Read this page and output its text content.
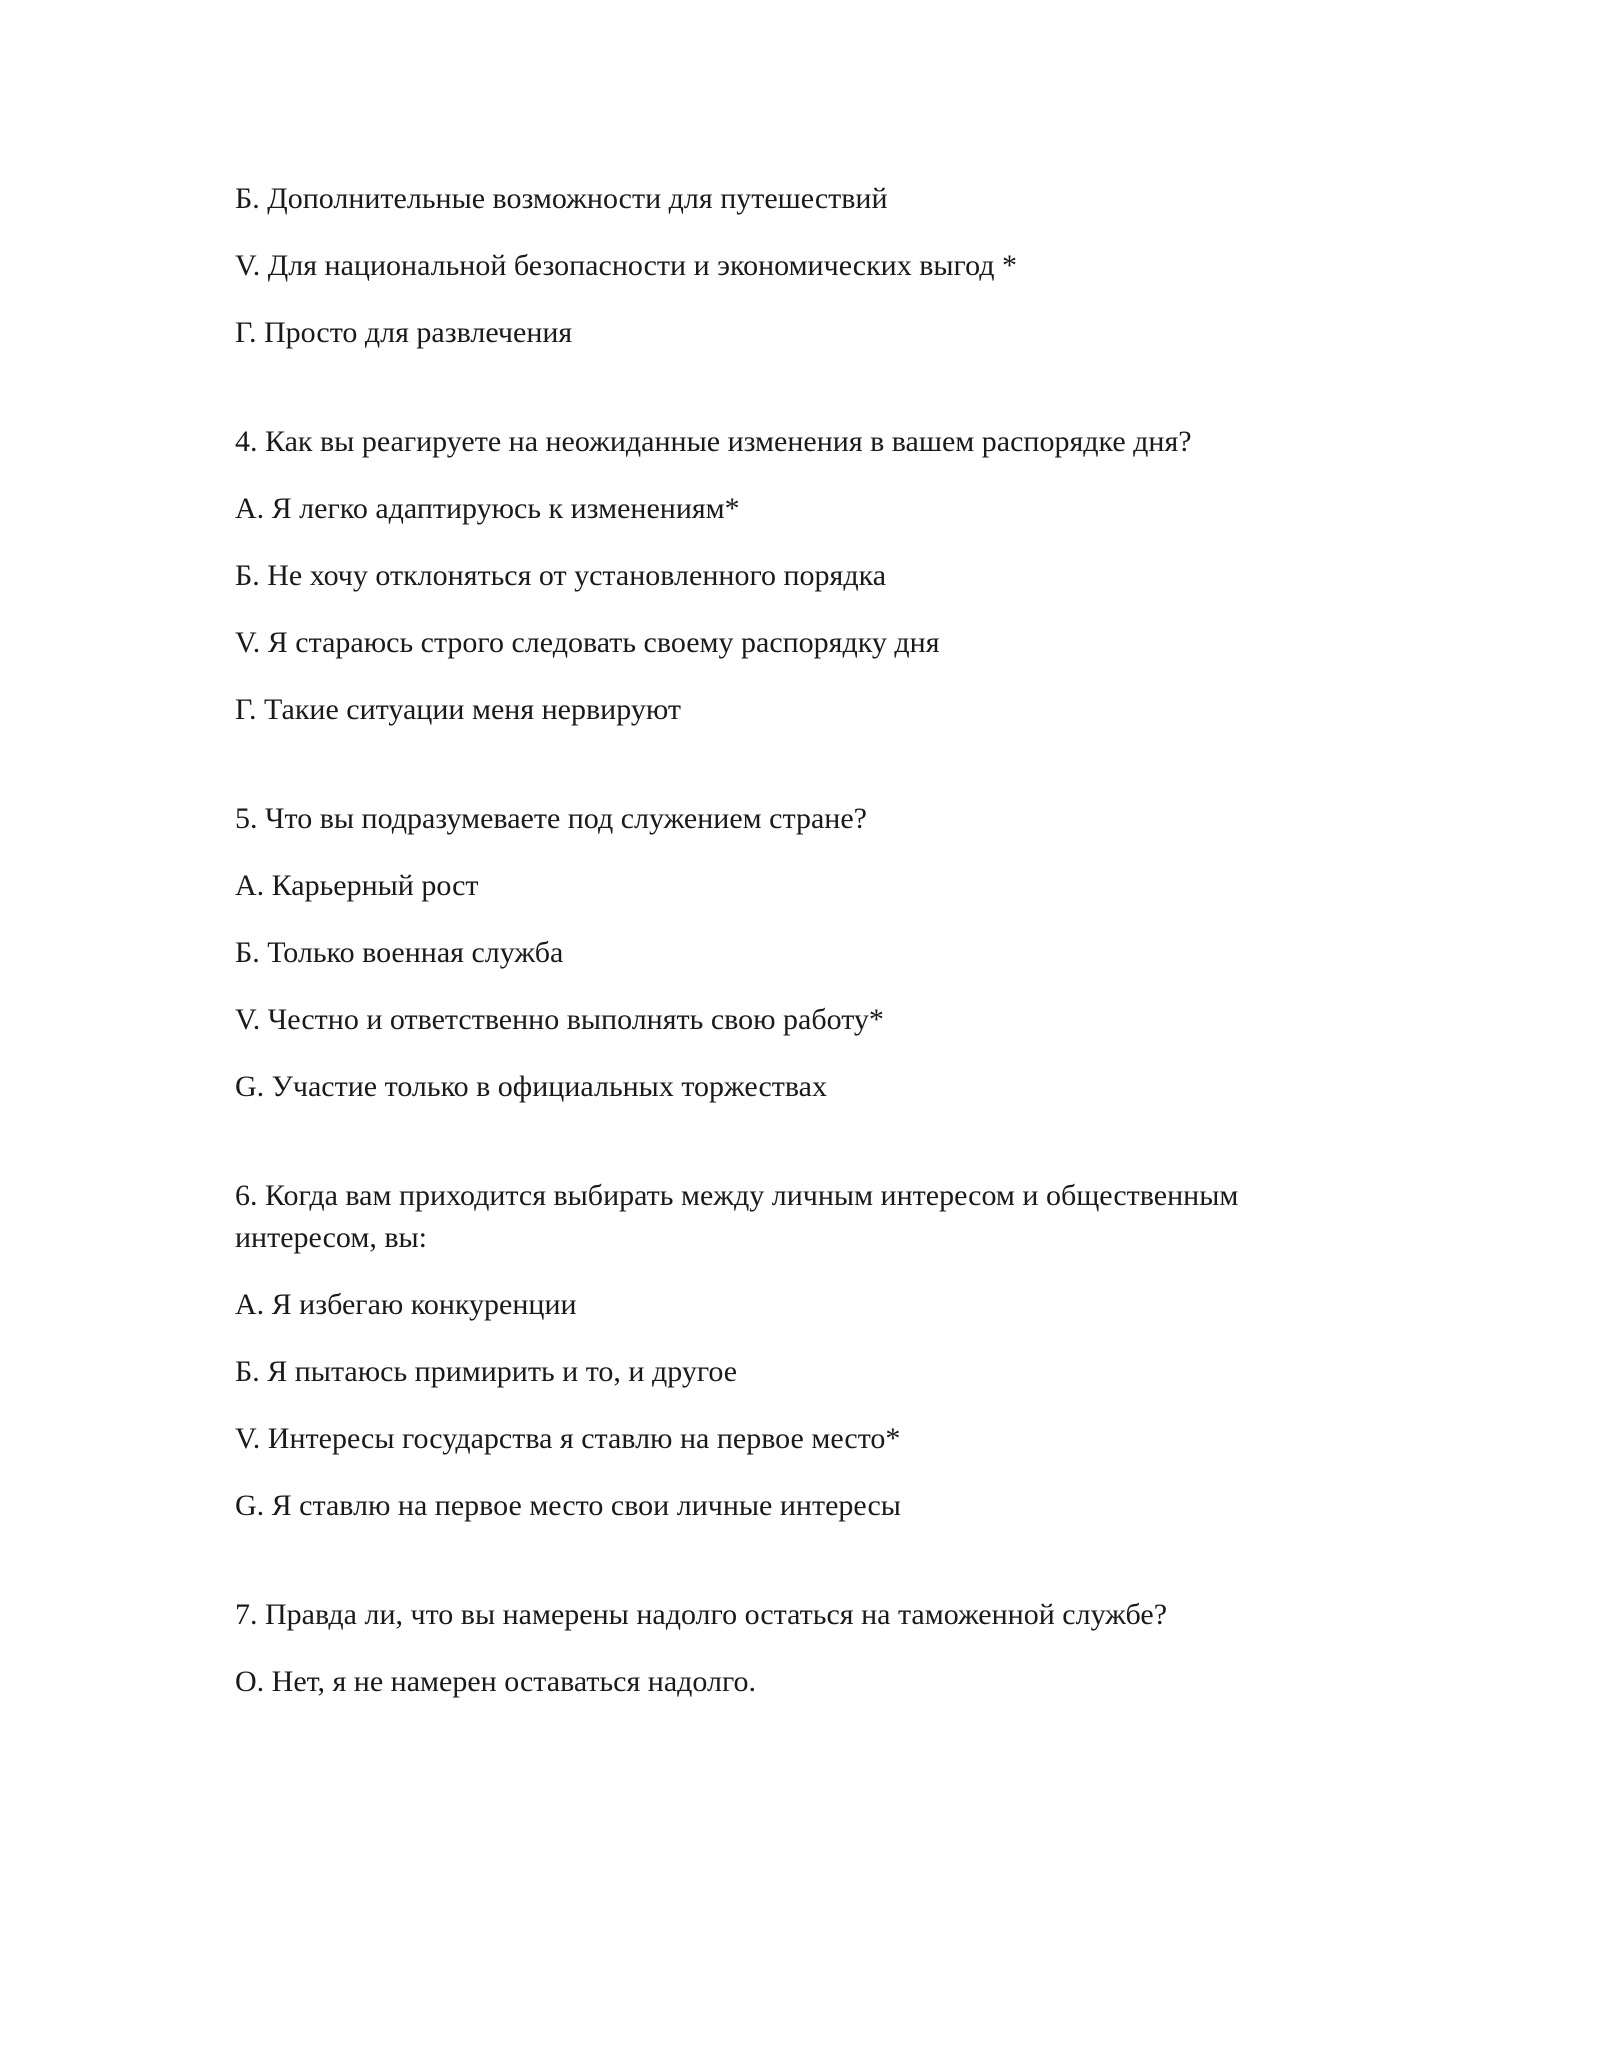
Б. Дополнительные возможности для путешествий

V. Для национальной безопасности и экономических выгод *

Г. Просто для развлечения

4. Как вы реагируете на неожиданные изменения в вашем распорядке дня?

А. Я легко адаптируюсь к изменениям*

Б. Не хочу отклоняться от установленного порядка

V. Я стараюсь строго следовать своему распорядку дня

Г. Такие ситуации меня нервируют

5. Что вы подразумеваете под служением стране?

A. Карьерный рост

Б. Только военная служба

V. Честно и ответственно выполнять свою работу*

G. Участие только в официальных торжествах

6. Когда вам приходится выбирать между личным интересом и общественным интересом, вы:

A. Я избегаю конкуренции

Б. Я пытаюсь примирить и то, и другое

V. Интересы государства я ставлю на первое место*

G. Я ставлю на первое место свои личные интересы

7. Правда ли, что вы намерены надолго остаться на таможенной службе?

О. Нет, я не намерен оставаться надолго.
